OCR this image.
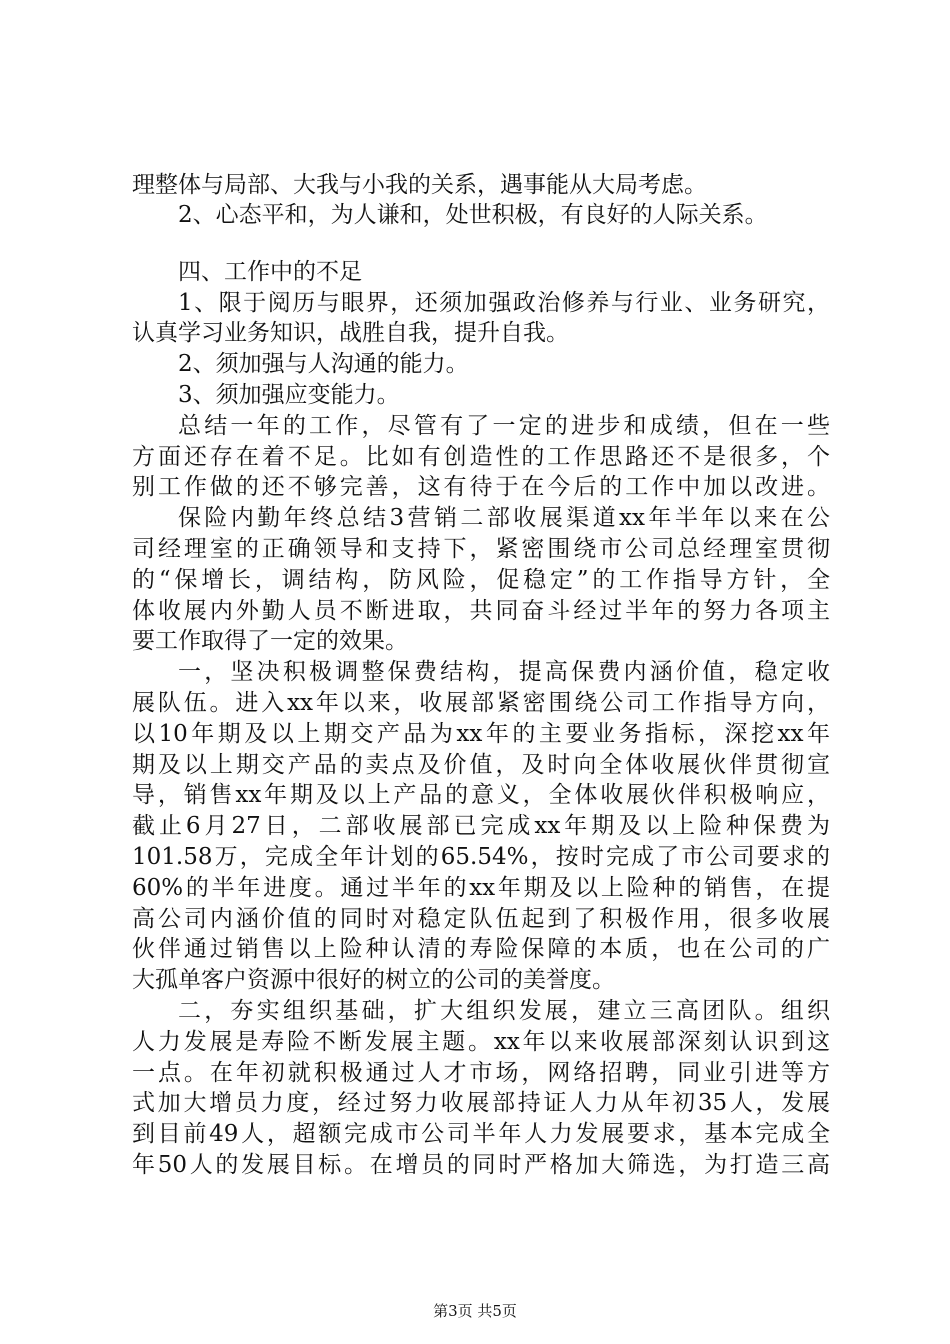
理整体与局部、大我与小我的关系，遇事能从大局考虑。
2、心态平和，为人谦和，处世积极，有良好的人际关系。
四、工作中的不足
1、限于阅历与眼界，还须加强政治修养与行业、业务研究，
认真学习业务知识，战胜自我，提升自我。
2、须加强与人沟通的能力。
3、须加强应变能力。
总结一年的工作，尽管有了一定的进步和成绩，但在一些
方面还存在着不足。比如有创造性的工作思路还不是很多，个
别工作做的还不够完善，这有待于在今后的工作中加以改进。
保险内勤年终总结3营销二部收展渠道xx年半年以来在公
司经理室的正确领导和支持下，紧密围绕市公司总经理室贯彻
的“保增长，调结构，防风险，促稳定”的工作指导方针，全
体收展内外勤人员不断进取，共同奋斗经过半年的努力各项主
要工作取得了一定的效果。
一，坚决积极调整保费结构，提高保费内涵价值，稳定收
展队伍。进入xx年以来，收展部紧密围绕公司工作指导方向，
以10年期及以上期交产品为xx年的主要业务指标，深挖xx年
期及以上期交产品的卖点及价值，及时向全体收展伙伴贯彻宣
导，销售xx年期及以上产品的意义，全体收展伙伴积极响应，
截止6月27日，二部收展部已完成xx年期及以上险种保费为
101.58万，完成全年计划的65.54%，按时完成了市公司要求的
60%的半年进度。通过半年的xx年期及以上险种的销售，在提
高公司内涵价值的同时对稳定队伍起到了积极作用，很多收展
伙伴通过销售以上险种认清的寿险保障的本质，也在公司的广
大孤单客户资源中很好的树立的公司的美誉度。
二，夯实组织基础，扩大组织发展，建立三高团队。组织
人力发展是寿险不断发展主题。xx年以来收展部深刻认识到这
一点。在年初就积极通过人才市场，网络招聘，同业引进等方
式加大增员力度，经过努力收展部持证人力从年初35人，发展
到目前49人，超额完成市公司半年人力发展要求，基本完成全
年50人的发展目标。在增员的同时严格加大筛选，为打造三高
第3页 共5页
